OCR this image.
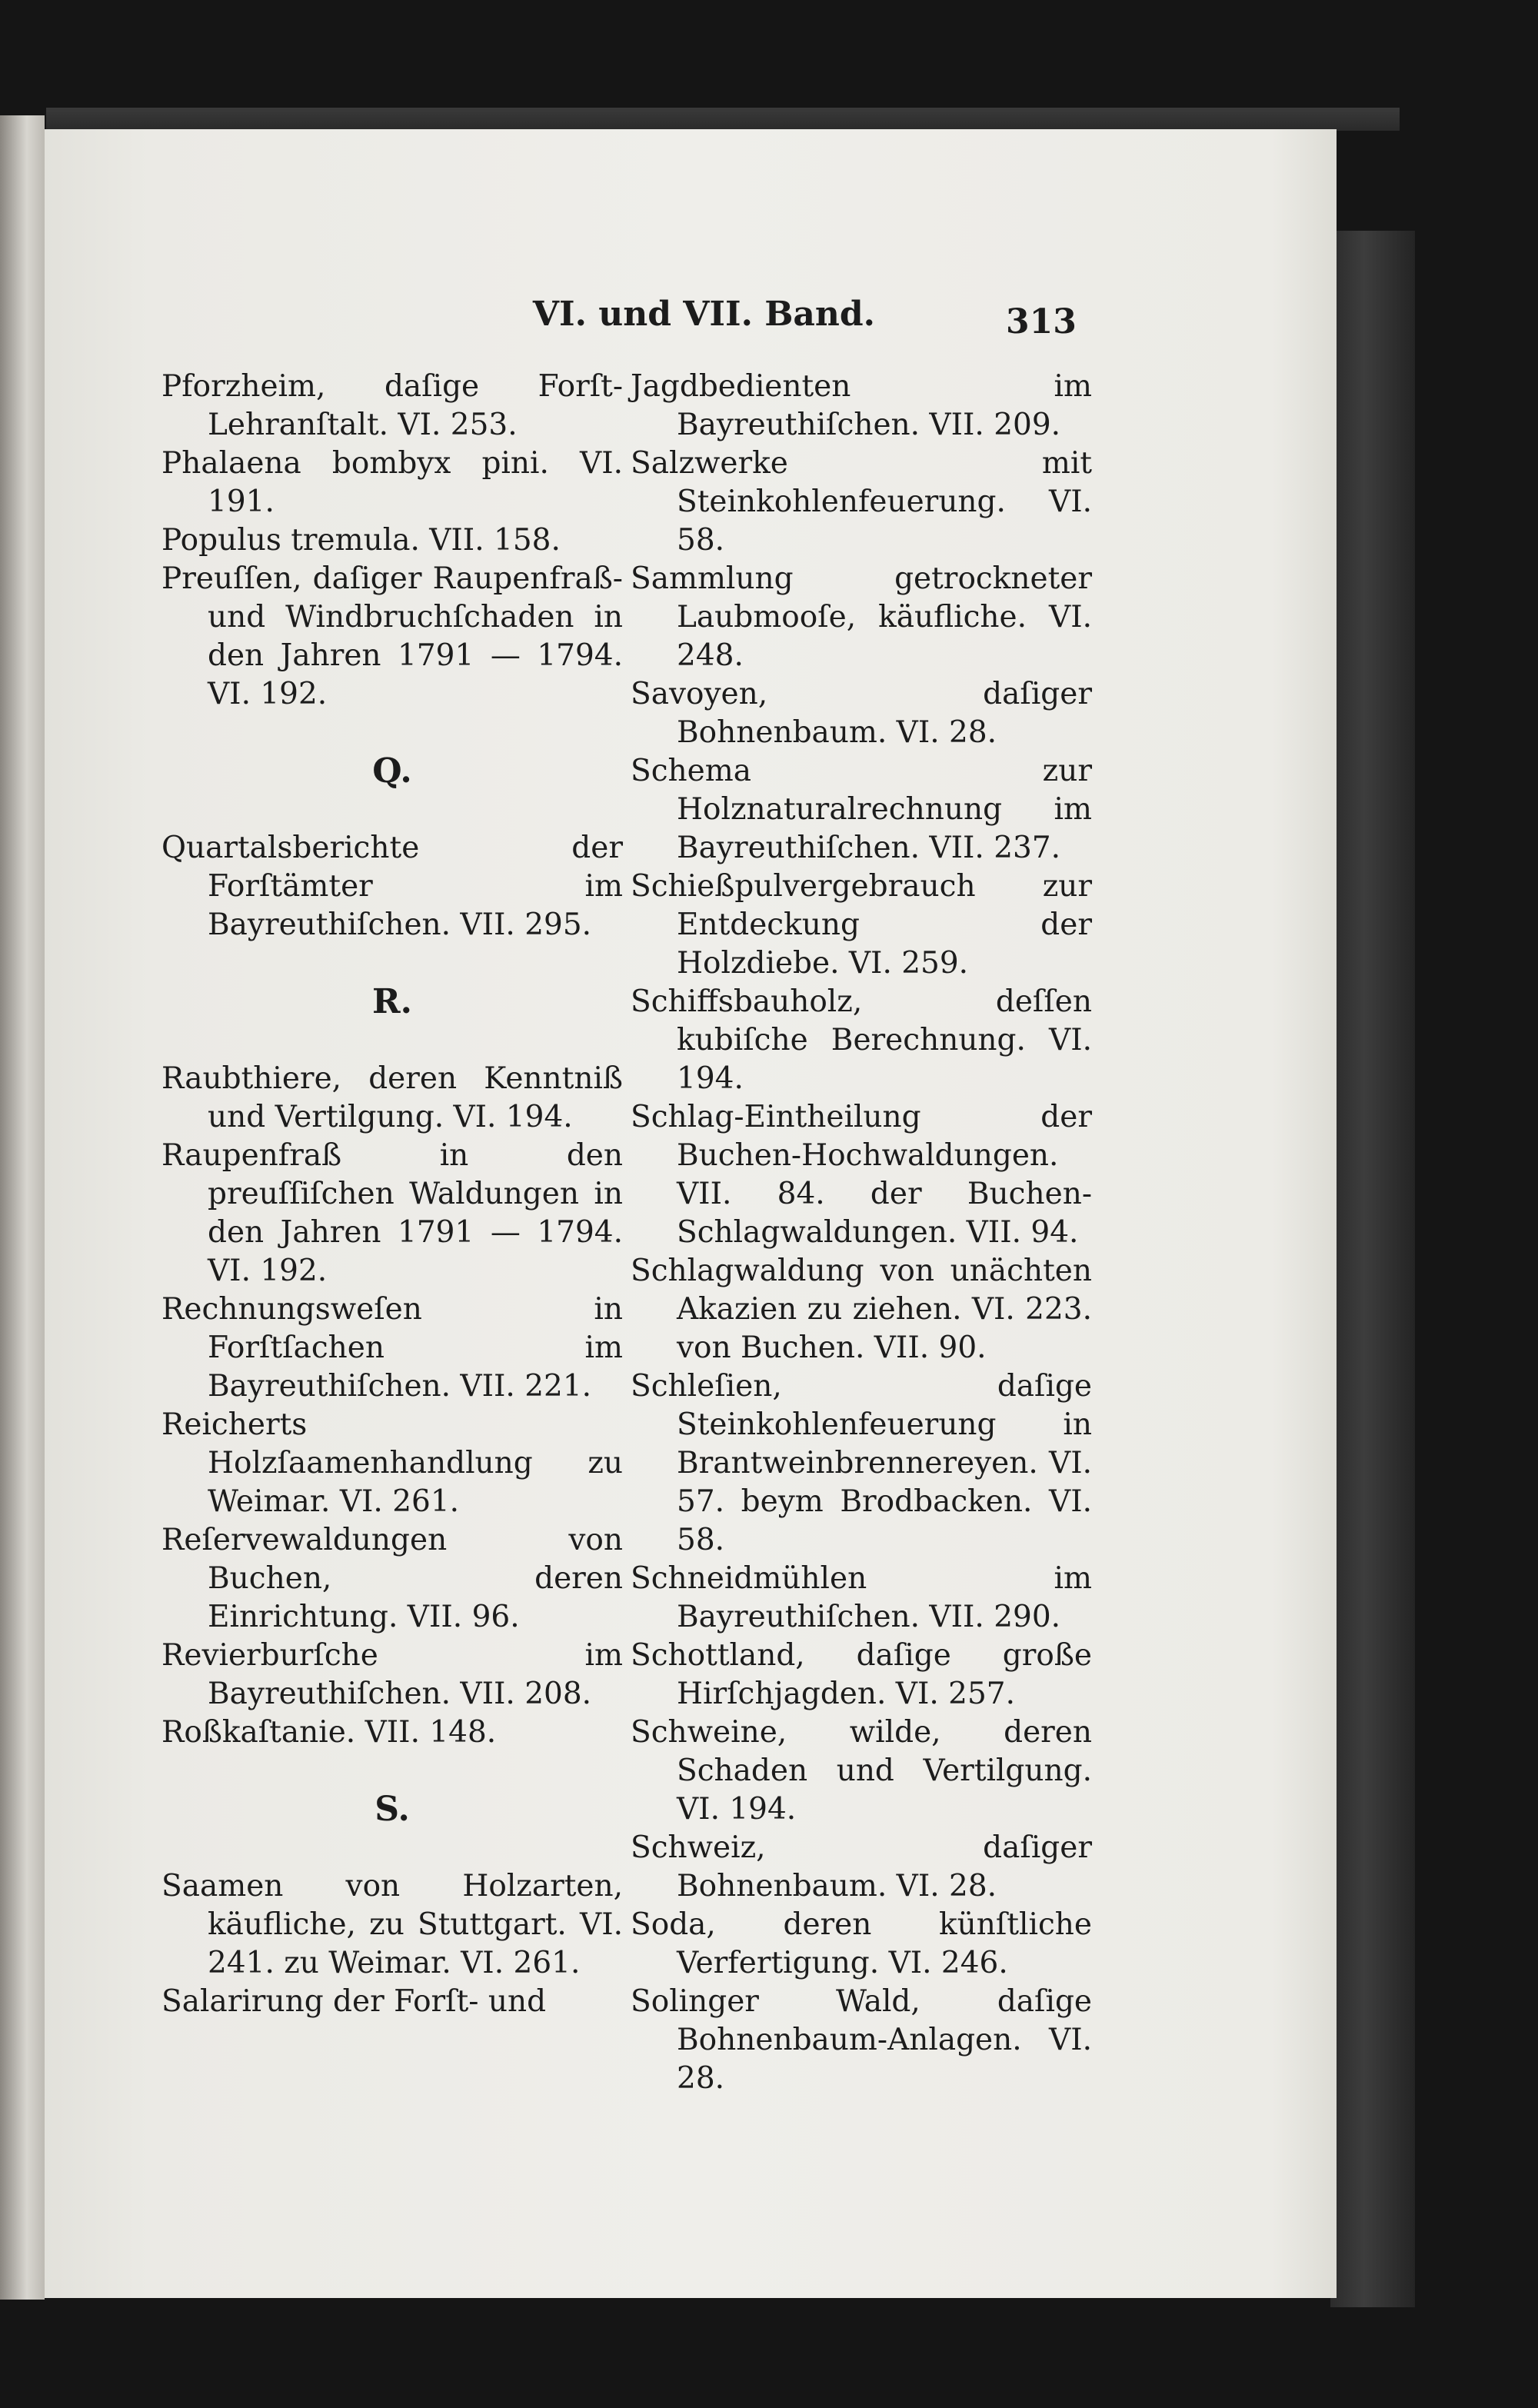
VI. und VII. Band.	313

Pforzheim, daſige Forſt-Lehranſtalt. VI. 253.

Phalaena bombyx pini. VI. 191.

Populus tremula. VII. 158.

Preuſſen, daſiger Raupenfraß- und Windbruchſchaden in den Jahren 1791 — 1794. VI. 192.

Q.

Quartalsberichte der Forſtämter im Bayreuthiſchen. VII. 295.

R.

Raubthiere, deren Kenntniß und Vertilgung. VI. 194.

Raupenfraß in den preuſſiſchen Waldungen in den Jahren 1791 — 1794. VI. 192.

Rechnungsweſen in Forſtſachen im Bayreuthiſchen. VII. 221.

Reicherts Holzſaamenhandlung zu Weimar. VI. 261.

Reſervewaldungen von Buchen, deren Einrichtung. VII. 96.

Revierburſche im Bayreuthiſchen. VII. 208.

Roßkaſtanie. VII. 148.

S.

Saamen von Holzarten, käufliche, zu Stuttgart. VI. 241. zu Weimar. VI. 261.

Salarirung der Forſt- und

Jagdbedienten im Bayreuthiſchen. VII. 209.

Salzwerke mit Steinkohlenfeuerung. VI. 58.

Sammlung getrockneter Laubmooſe, käufliche. VI. 248.

Savoyen, daſiger Bohnenbaum. VI. 28.

Schema zur Holznaturalrechnung im Bayreuthiſchen. VII. 237.

Schießpulvergebrauch zur Entdeckung der Holzdiebe. VI. 259.

Schiffsbauholz, deſſen kubiſche Berechnung. VI. 194.

Schlag-Eintheilung der Buchen-Hochwaldungen. VII. 84. der Buchen-Schlagwaldungen. VII. 94.

Schlagwaldung von unächten Akazien zu ziehen. VI. 223. von Buchen. VII. 90.

Schleſien, daſige Steinkohlenfeuerung in Brantweinbrennereyen. VI. 57. beym Brodbacken. VI. 58.

Schneidmühlen im Bayreuthiſchen. VII. 290.

Schottland, daſige große Hirſchjagden. VI. 257.

Schweine, wilde, deren Schaden und Vertilgung. VI. 194.

Schweiz, daſiger Bohnenbaum. VI. 28.

Soda, deren künſtliche Verfertigung. VI. 246.

Solinger Wald, daſige Bohnenbaum-Anlagen. VI. 28.
